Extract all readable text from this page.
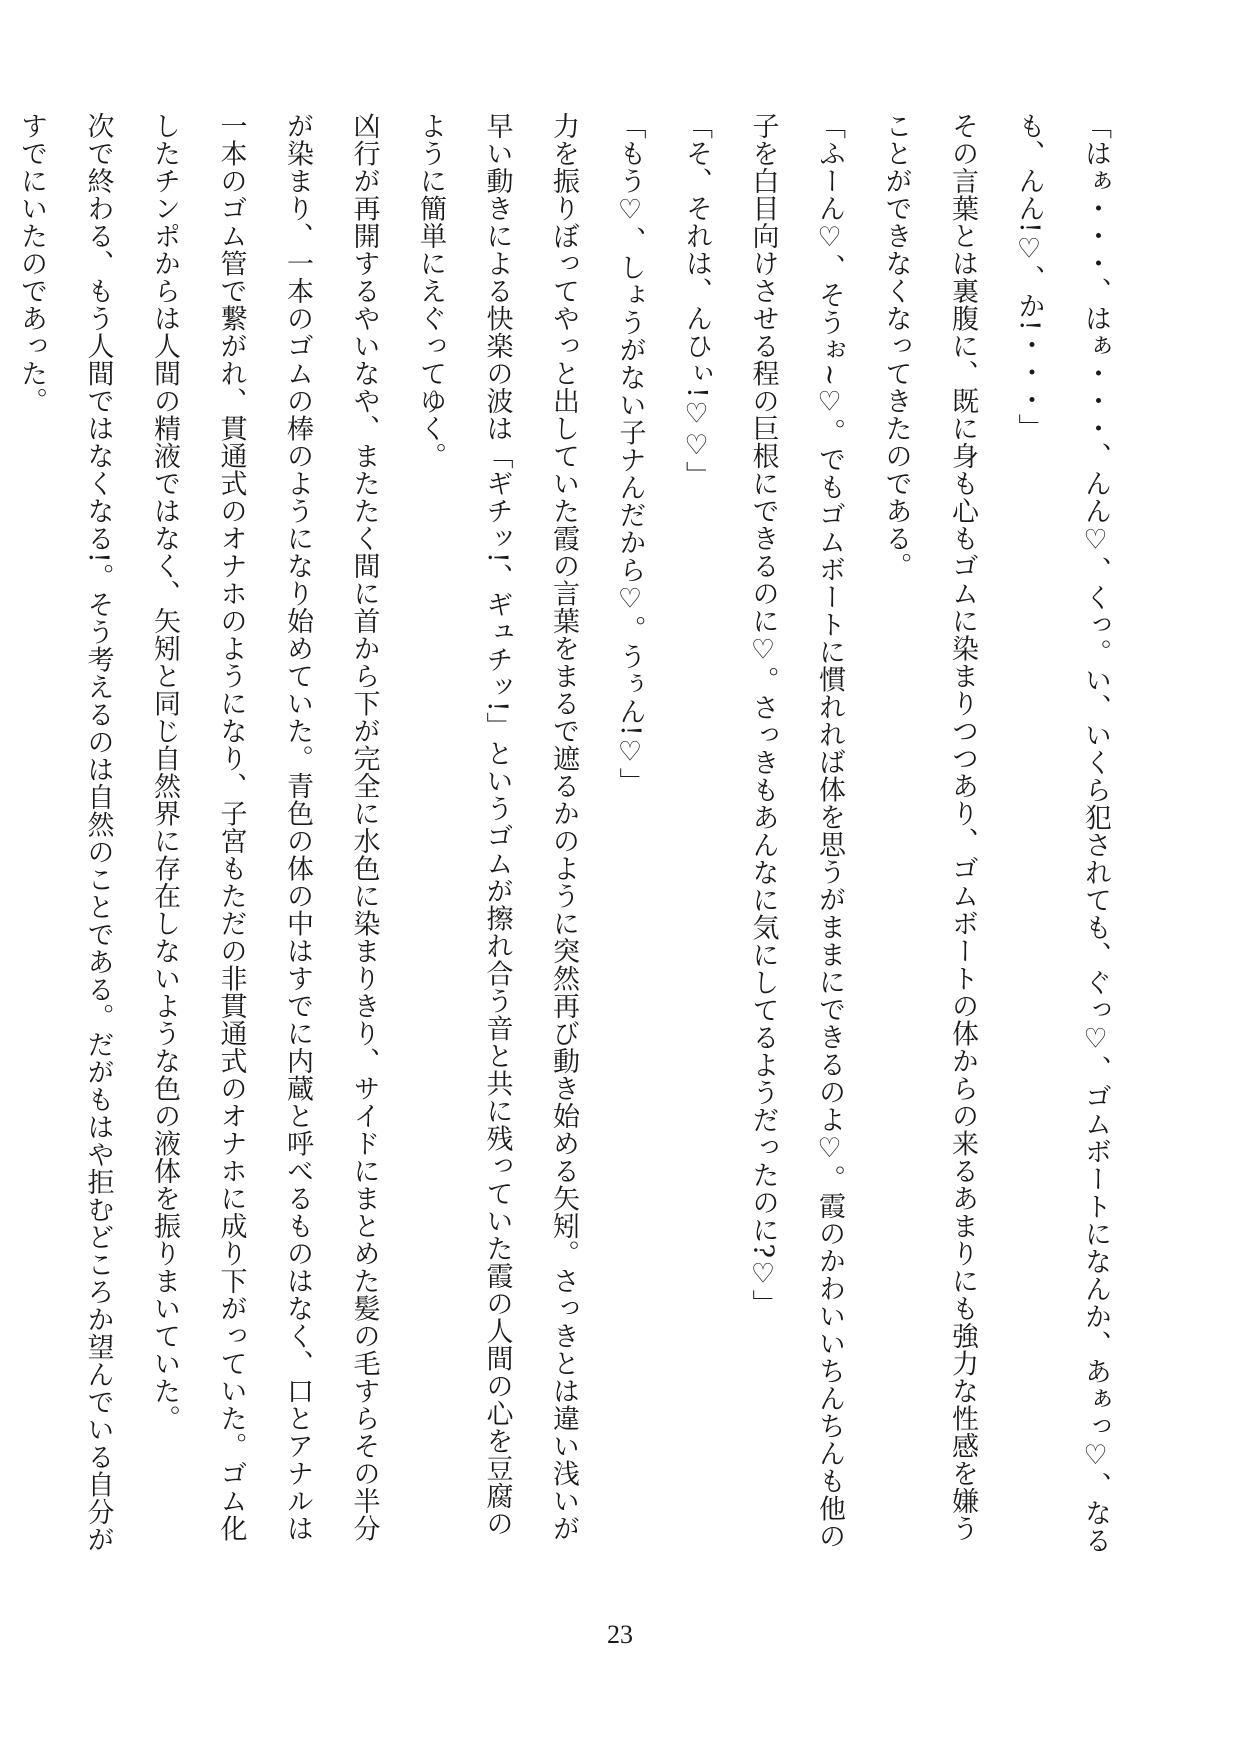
「はぁ・・・、はぁ・・・、んん♡、くっ。い、いくら犯されても、ぐっ♡、ゴムボートになんか、あぁっ♡、なるも、んん!♡、か!・・・」

その言葉とは裏腹に、既に身も心もゴムに染まりつつあり、ゴムボートの体からの来るあまりにも強力な性感を嫌うことができなくなってきたのである。

「ふーん♡、そうぉ~♡。でもゴムボートに慣れれば体を思うがままにできるのよ♡。霞のかわいいちんちんも他の子を白目向けさせる程の巨根にできるのに♡。さっきもあんなに気にしてるようだったのに?♡」

「そ、それは、んひぃ!♡♡」

「もう♡、しょうがない子ナんだから♡。うぅん!♡」

力を振りぼってやっと出していた霞の言葉をまるで遮るかのように突然再び動き始める矢矧。さっきとは違い浅いが早い動きによる快楽の波は「ギチッ!、ギュチッ!」というゴムが擦れ合う音と共に残っていた霞の人間の心を豆腐のように簡単にえぐってゆく。

凶行が再開するやいなや、またたく間に首から下が完全に水色に染まりきり、サイドにまとめた髪の毛すらその半分が染まり、一本のゴムの棒のようになり始めていた。青色の体の中はすでに内蔵と呼べるものはなく、口とアナルは一本のゴム管で繋がれ、貫通式のオナホのようになり、子宮もただの非貫通式のオナホに成り下がっていた。ゴム化したチンポからは人間の精液ではなく、矢矧と同じ自然界に存在しないような色の液体を振りまいていた。

次で終わる、もう人間ではなくなる!。そう考えるのは自然のことである。だがもはや拒むどころか望んでいる自分がすでにいたのであった。

23
